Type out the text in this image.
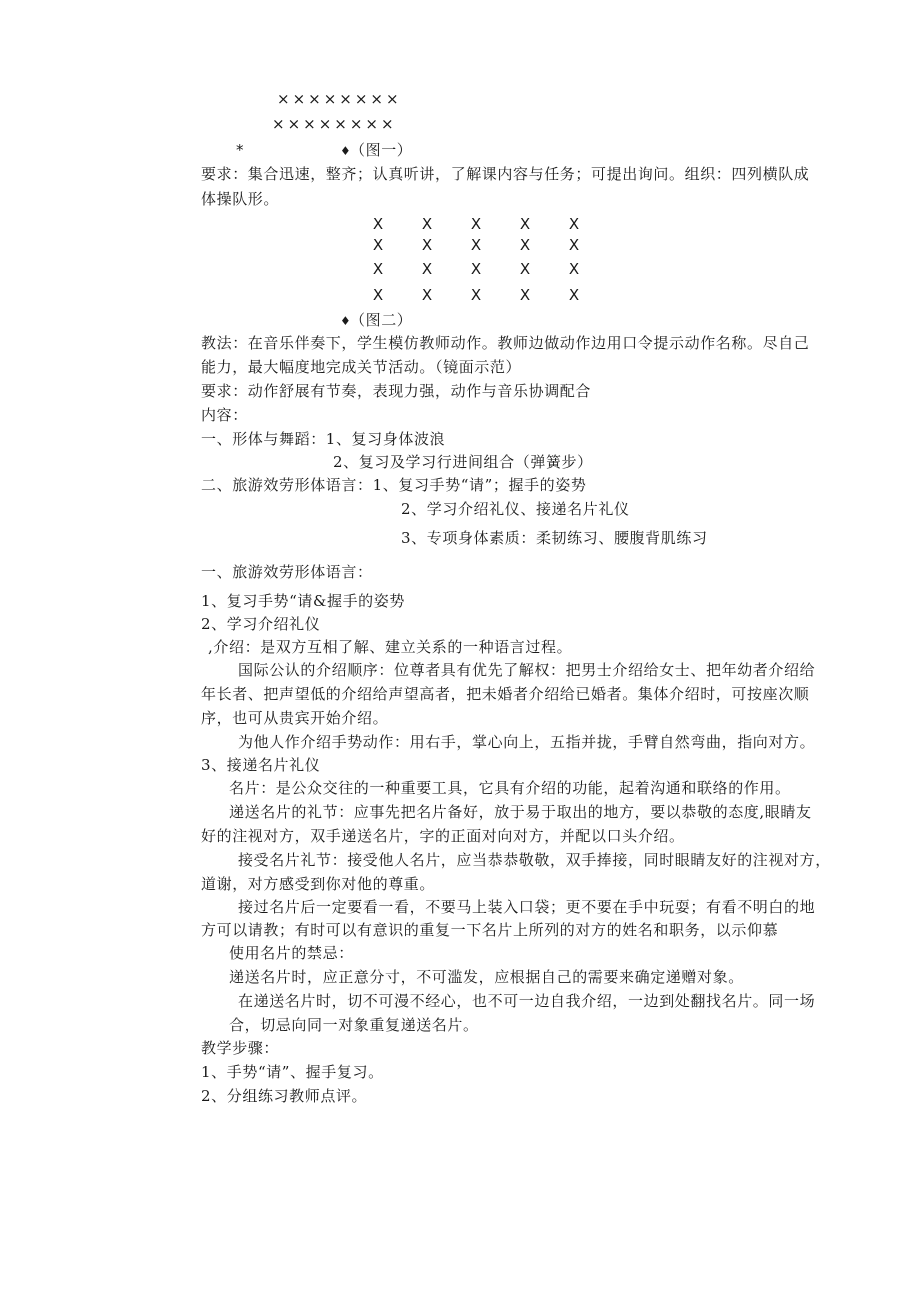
××××××××
××××××××
*	♦
（图一）
要求：集合迅速，整齐；认真听讲，了解课内容与任务；可提出询问。组织：四列横队成
体操队形。
X	X	X	X	X
X	X	X	X	X
X	X	X	X	X
X	X	X	X	X
♦
（图二）
教法：在音乐伴奏下，学生模仿教师动作。教师边做动作边用口令提示动作名称。尽自己
能力，最大幅度地完成关节活动。（镜面示范）
要求：动作舒展有节奏，表现力强，动作与音乐协调配合
内容：
一、形体与舞蹈：1、复习身体波浪
2、复习及学习行进间组合（弹簧步）
二、旅游效劳形体语言：1、复习手势“请”；握手的姿势
2、学习介绍礼仪、接递名片礼仪
3、专项身体素质：柔韧练习、腰腹背肌练习
一、旅游效劳形体语言：
1、复习手势“请&握手的姿势
2、学习介绍礼仪
,介绍：是双方互相了解、建立关系的一种语言过程。
国际公认的介绍顺序：位尊者具有优先了解权：把男士介绍给女士、把年幼者介绍给
年长者、把声望低的介绍给声望高者，把未婚者介绍给已婚者。集体介绍时，可按座次顺
序，也可从贵宾开始介绍。
为他人作介绍手势动作：用右手，掌心向上，五指并拢，手臂自然弯曲，指向对方。
3、接递名片礼仪
名片：是公众交往的一种重要工具，它具有介绍的功能，起着沟通和联络的作用。
递送名片的礼节：应事先把名片备好，放于易于取出的地方，要以恭敬的态度,眼睛友
好的注视对方，双手递送名片，字的正面对向对方，并配以口头介绍。
接受名片礼节：接受他人名片，应当恭恭敬敬，双手捧接，同时眼睛友好的注视对方，
道谢，对方感受到你对他的尊重。
接过名片后一定要看一看，不要马上装入口袋；更不要在手中玩耍；有看不明白的地
方可以请教；有时可以有意识的重复一下名片上所列的对方的姓名和职务，以示仰慕
使用名片的禁忌：
递送名片时，应正意分寸，不可滥发，应根据自己的需要来确定递赠对象。
在递送名片时，切不可漫不经心，也不可一边自我介绍，一边到处翻找名片。同一场
合，切忌向同一对象重复递送名片。
教学步骤：
1、手势“请”、握手复习。
2、分组练习教师点评。
